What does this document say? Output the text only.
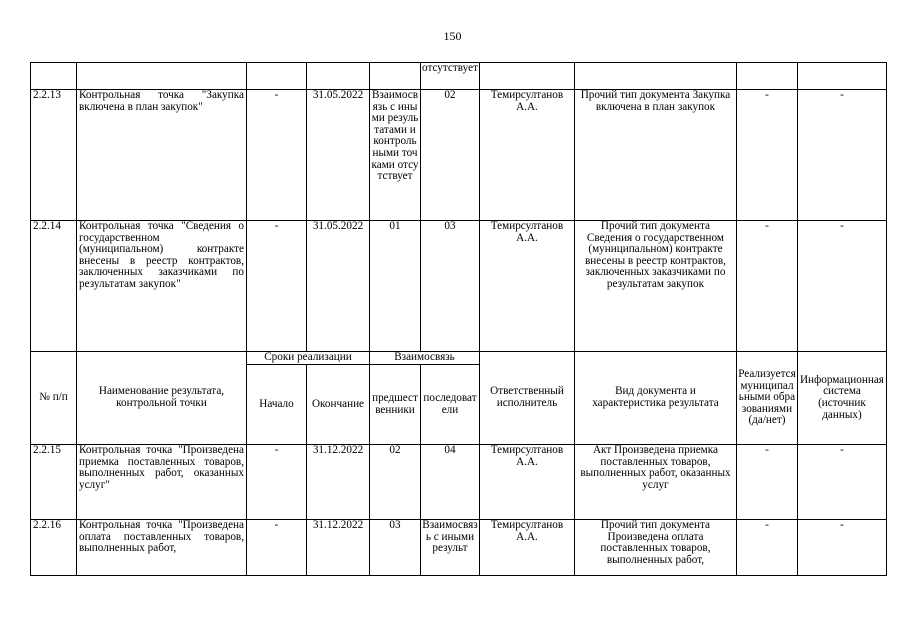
150
					отсутствует				
2.2.13	Контрольная точка "Закупка включена в план закупок"	-	31.05.2022	Взаимосвязь с иными результатами и контрольными точками отсутствует	02	Темирсултанов А.А.	Прочий тип документа Закупка включена в план закупок	-	-
2.2.14	Контрольная точка "Сведения о государственном (муниципальном) контракте внесены в реестр контрактов, заключенных заказчиками по результатам закупок"	-	31.05.2022	01	03	Темирсултанов А.А.	Прочий тип документа Сведения о государственном (муниципальном) контракте внесены в реестр контрактов, заключенных заказчиками по результатам закупок	-	-
№ п/п	Наименование результата, контрольной точки	Сроки реализации		Взаимосвязь		Ответственный исполнитель	Вид документа и характеристика результата	Реализуется муниципальными образованиями (да/нет)	Информационная система (источник данных)
		Начало	Окончание	предшественники	последователи				
2.2.15	Контрольная точка "Произведена приемка поставленных товаров, выполненных работ, оказанных услуг"	-	31.12.2022	02	04	Темирсултанов А.А.	Акт Произведена приемка поставленных товаров, выполненных работ, оказанных услуг	-	-
2.2.16	Контрольная точка "Произведена оплата поставленных товаров, выполненных работ,	-	31.12.2022	03	Взаимосвязь с иными результ	Темирсултанов А.А.	Прочий тип документа Произведена оплата поставленных товаров, выполненных работ,	-	-
